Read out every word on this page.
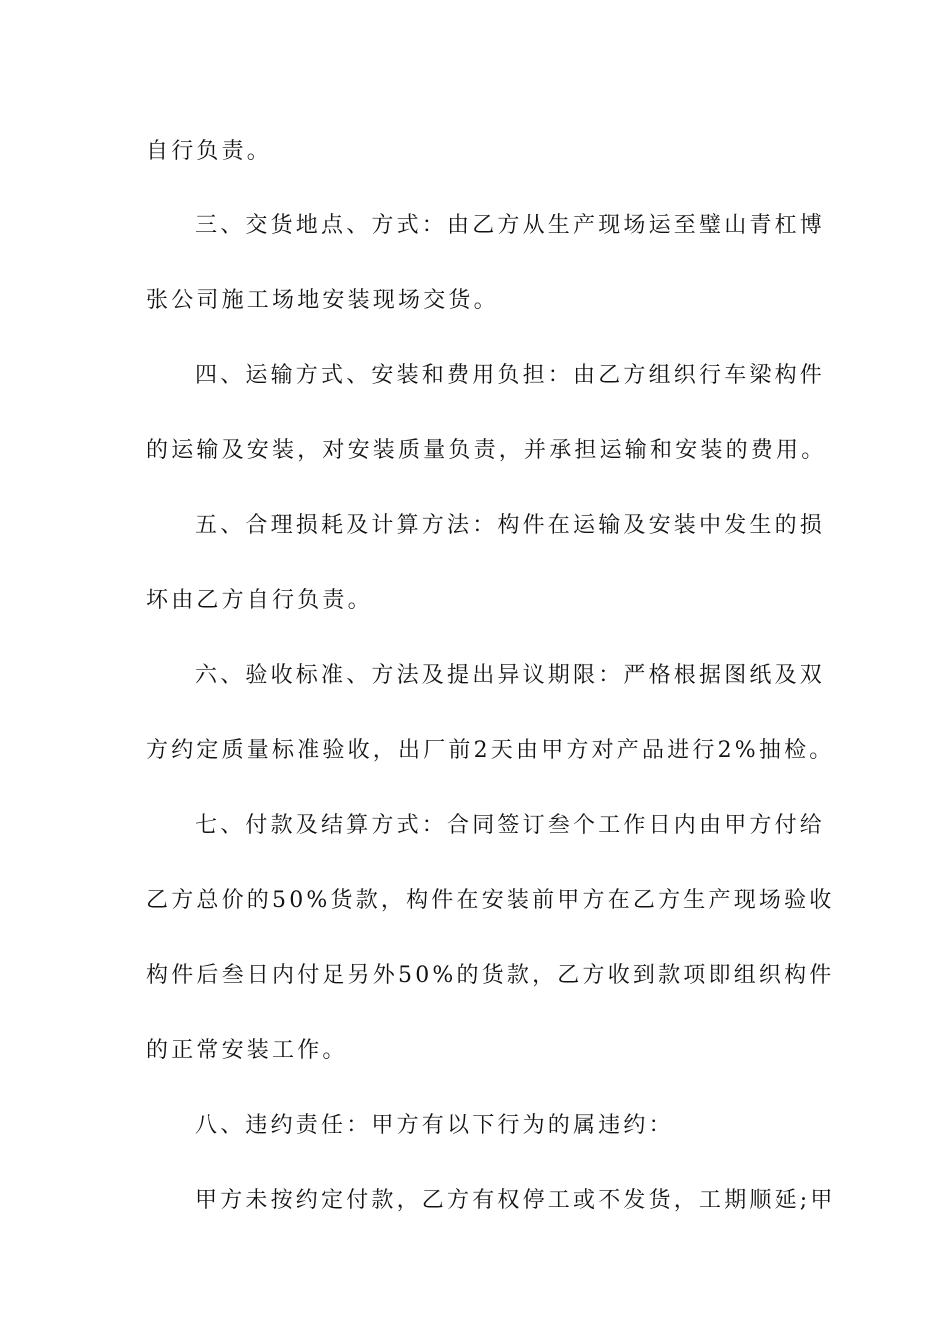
自行负责。
三、交货地点、方式：由乙方从生产现场运至璧山青杠博
张公司施工场地安装现场交货。
四、运输方式、安装和费用负担：由乙方组织行车梁构件
的运输及安装，对安装质量负责，并承担运输和安装的费用。
五、合理损耗及计算方法：构件在运输及安装中发生的损
坏由乙方自行负责。
六、验收标准、方法及提出异议期限：严格根据图纸及双
方约定质量标准验收，出厂前2天由甲方对产品进行2%抽检。
七、付款及结算方式：合同签订叁个工作日内由甲方付给
乙方总价的50%货款，构件在安装前甲方在乙方生产现场验收
构件后叁日内付足另外50%的货款，乙方收到款项即组织构件
的正常安装工作。
八、违约责任：甲方有以下行为的属违约：
甲方未按约定付款，乙方有权停工或不发货，工期顺延;甲
